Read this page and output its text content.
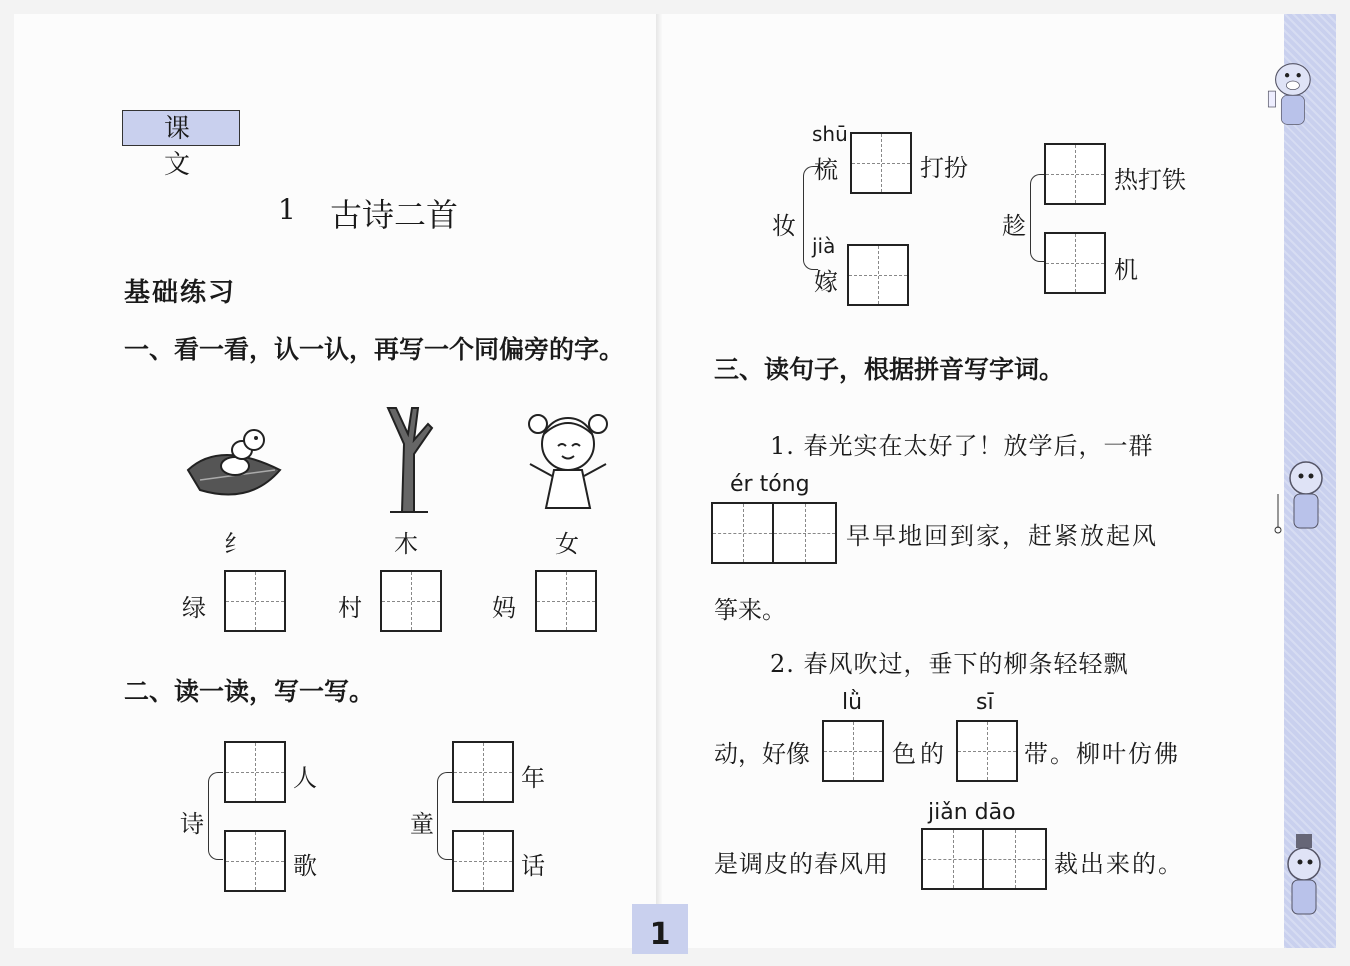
课 文
1 古诗二首
基础练习
一、看一看，认一认，再写一个同偏旁的字。
纟	木	女
绿	村	妈
二、读一读，写一写。
诗
人
歌
童
年
话
1
shū
梳	打扮
妆
jià
嫁
趁
热打铁
机
三、读句子，根据拼音写字词。
1. 春光实在太好了！放学后，一群
ér tóng
早早地回到家，赶紧放起风
筝来。
2. 春风吹过，垂下的柳条轻轻飘
动，好像
lǜ
色的
sī
带。柳叶仿佛
jiǎn dāo
是调皮的春风用	裁出来的。
